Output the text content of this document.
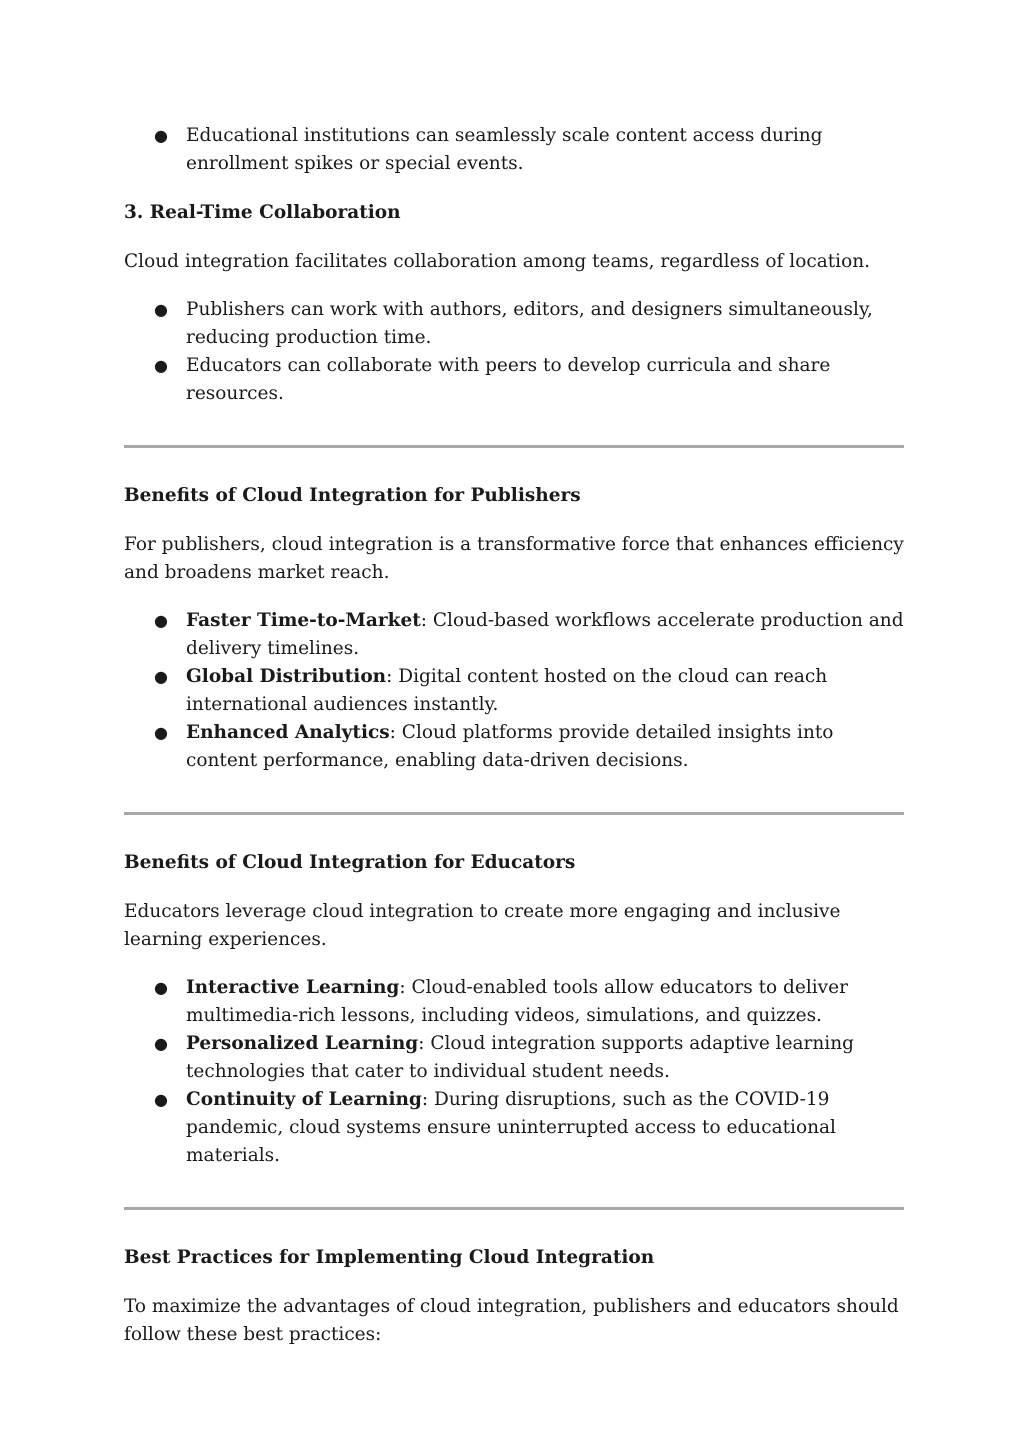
● Educational institutions can seamlessly scale content access during enrollment spikes or special events.

3. Real-Time Collaboration

Cloud integration facilitates collaboration among teams, regardless of location.

● Publishers can work with authors, editors, and designers simultaneously, reducing production time.
● Educators can collaborate with peers to develop curricula and share resources.

Benefits of Cloud Integration for Publishers

For publishers, cloud integration is a transformative force that enhances efficiency and broadens market reach.

● Faster Time-to-Market: Cloud-based workflows accelerate production and delivery timelines.
● Global Distribution: Digital content hosted on the cloud can reach international audiences instantly.
● Enhanced Analytics: Cloud platforms provide detailed insights into content performance, enabling data-driven decisions.

Benefits of Cloud Integration for Educators

Educators leverage cloud integration to create more engaging and inclusive learning experiences.

● Interactive Learning: Cloud-enabled tools allow educators to deliver multimedia-rich lessons, including videos, simulations, and quizzes.
● Personalized Learning: Cloud integration supports adaptive learning technologies that cater to individual student needs.
● Continuity of Learning: During disruptions, such as the COVID-19 pandemic, cloud systems ensure uninterrupted access to educational materials.

Best Practices for Implementing Cloud Integration

To maximize the advantages of cloud integration, publishers and educators should follow these best practices:
